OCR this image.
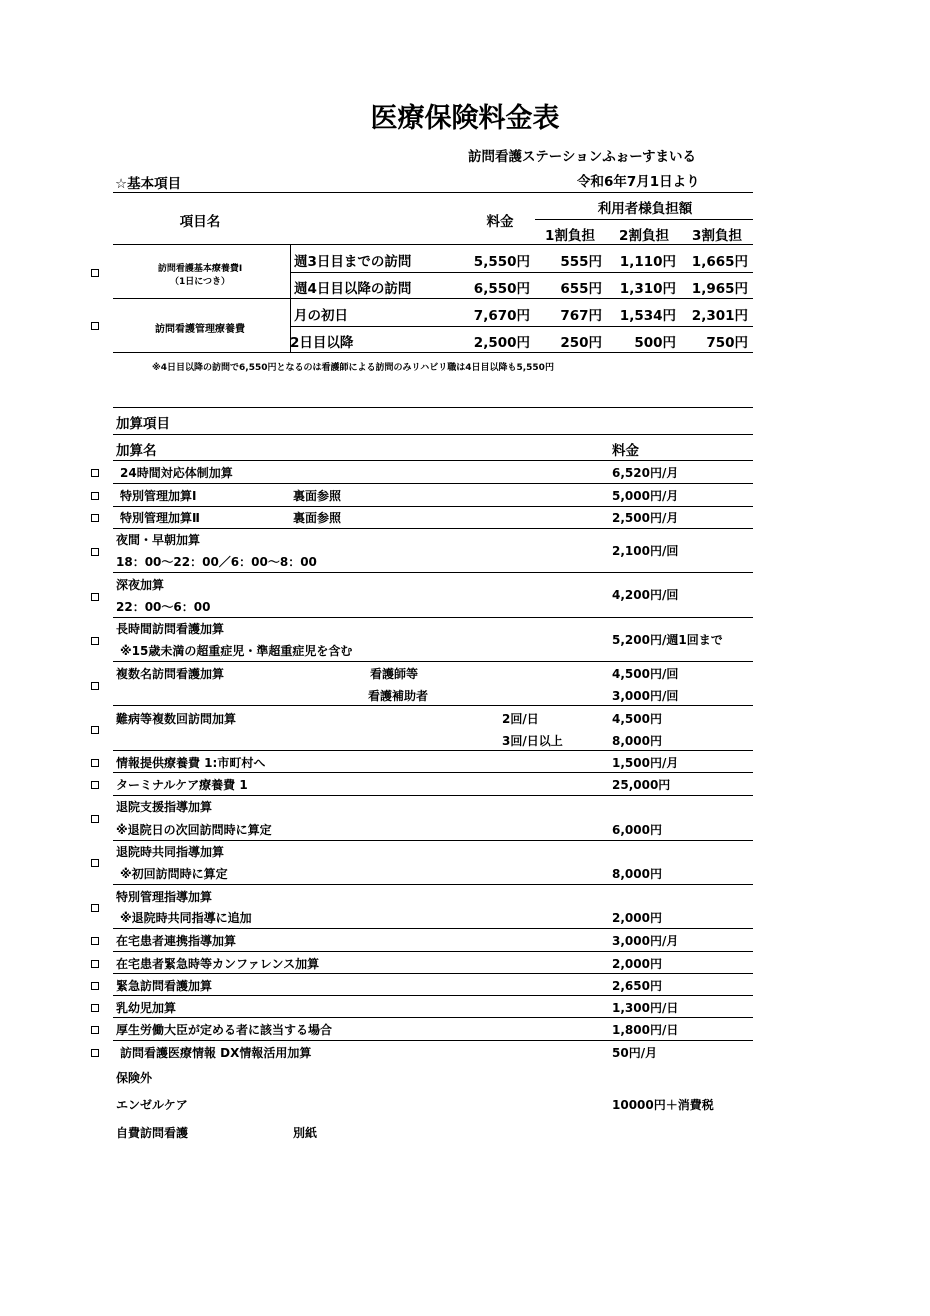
医療保険料金表
訪問看護ステーションふぉーすまいる
☆基本項目	令和6年7月1日より
項目名	料金
利用者様負担額
1割負担	2割負担	3割負担
訪問看護基本療養費Ⅰ
（1日につき）
週3日目までの訪問	5,550円	555円	1,110円	1,665円
週4日目以降の訪問	6,550円	655円	1,310円	1,965円
訪問看護管理療養費
月の初日	7,670円	767円	1,534円	2,301円
2日目以降	2,500円	250円	500円	750円
※4日目以降の訪問で6,550円となるのは看護師による訪問のみリハビリ職は4日目以降も5,550円
加算項目
加算名	料金
24時間対応体制加算	6,520円/月
特別管理加算Ⅰ	裏面参照	5,000円/月
特別管理加算Ⅱ	裏面参照	2,500円/月
夜間・早朝加算
18：00～22：00／6：00～8：00
2,100円/回
深夜加算
22：00～6：00
4,200円/回
長時間訪問看護加算
※15歳未満の超重症児・準超重症児を含む
5,200円/週1回まで
複数名訪問看護加算	看護師等	4,500円/回
看護補助者	3,000円/回
難病等複数回訪問加算	2回/日	4,500円
3回/日以上	8,000円
情報提供療養費 1:市町村へ	1,500円/月
ターミナルケア療養費 1	25,000円
退院支援指導加算
※退院日の次回訪問時に算定	6,000円
退院時共同指導加算
※初回訪問時に算定	8,000円
特別管理指導加算
※退院時共同指導に追加	2,000円
在宅患者連携指導加算	3,000円/月
在宅患者緊急時等カンファレンス加算	2,000円
緊急訪問看護加算	2,650円
乳幼児加算	1,300円/日
厚生労働大臣が定める者に該当する場合	1,800円/日
訪問看護医療情報 DX情報活用加算	50円/月
保険外
エンゼルケア	10000円＋消費税
自費訪問看護	別紙
